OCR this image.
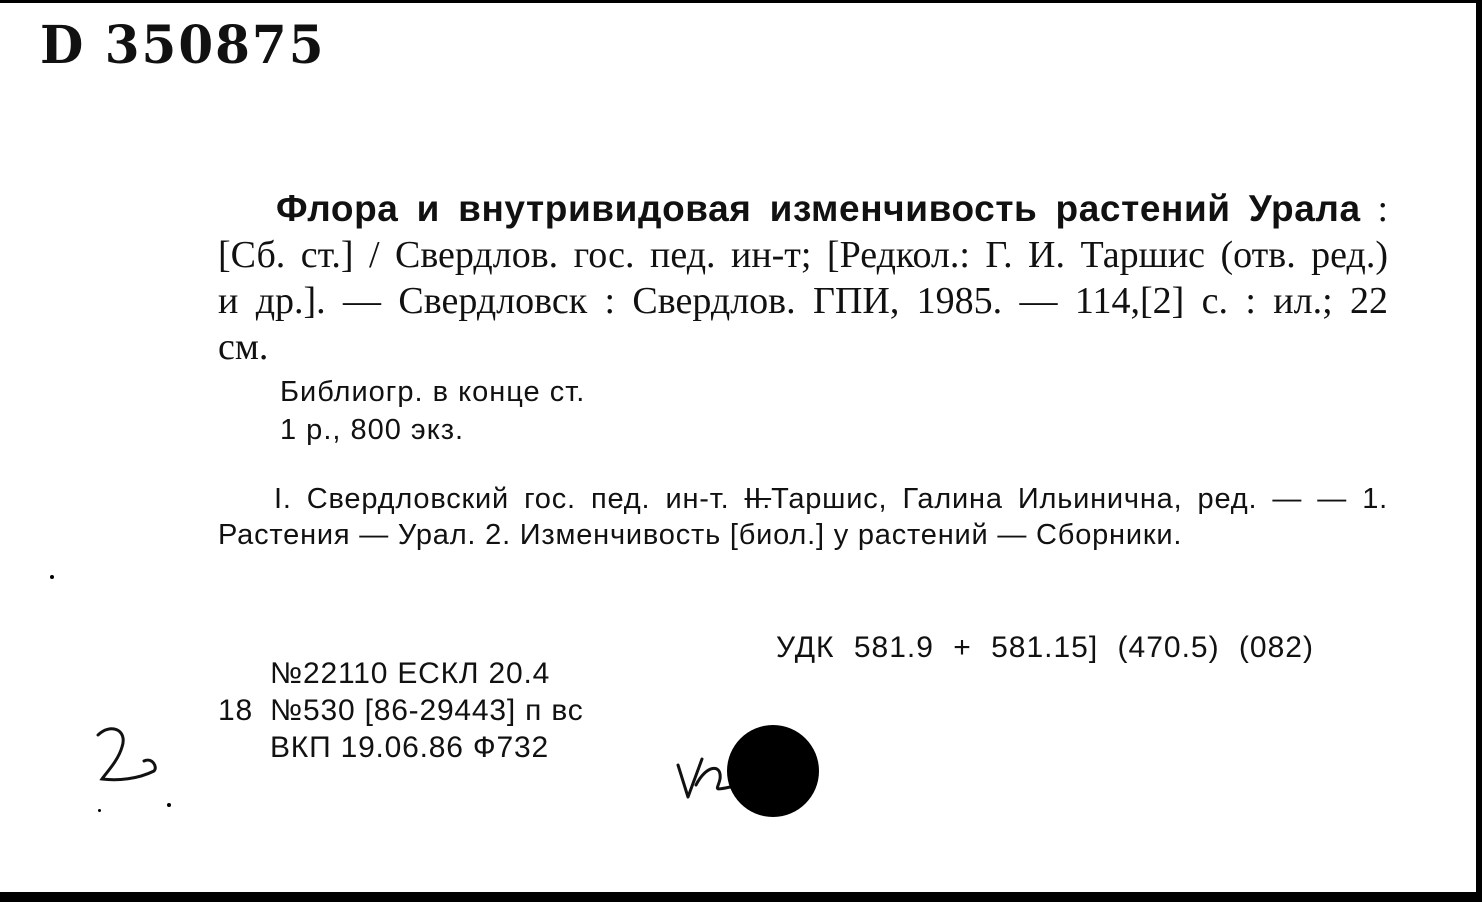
D 350875
Флора и внутривидовая изменчивость растений Урала : [Сб. ст.] / Свердлов. гос. пед. ин-т; [Редкол.: Г. И. Таршис (отв. ред.) и др.]. — Свердловск : Свердлов. ГПИ, 1985. — 114,[2] с. : ил.; 22 см.
Библиогр. в конце ст.
1 р., 800 экз.
I. Свердловский гос. пед. ин-т. II.Таршис, Галина Ильинична, ред. — — 1. Растения — Урал. 2. Изменчивость [биол.] у растений — Сборники.
УДК 581.9 + 581.15] (470.5) (082)
№22110 ЕСКЛ 20.4
18 №530 [86-29443] п вс
ВКП 19.06.86 Ф732
